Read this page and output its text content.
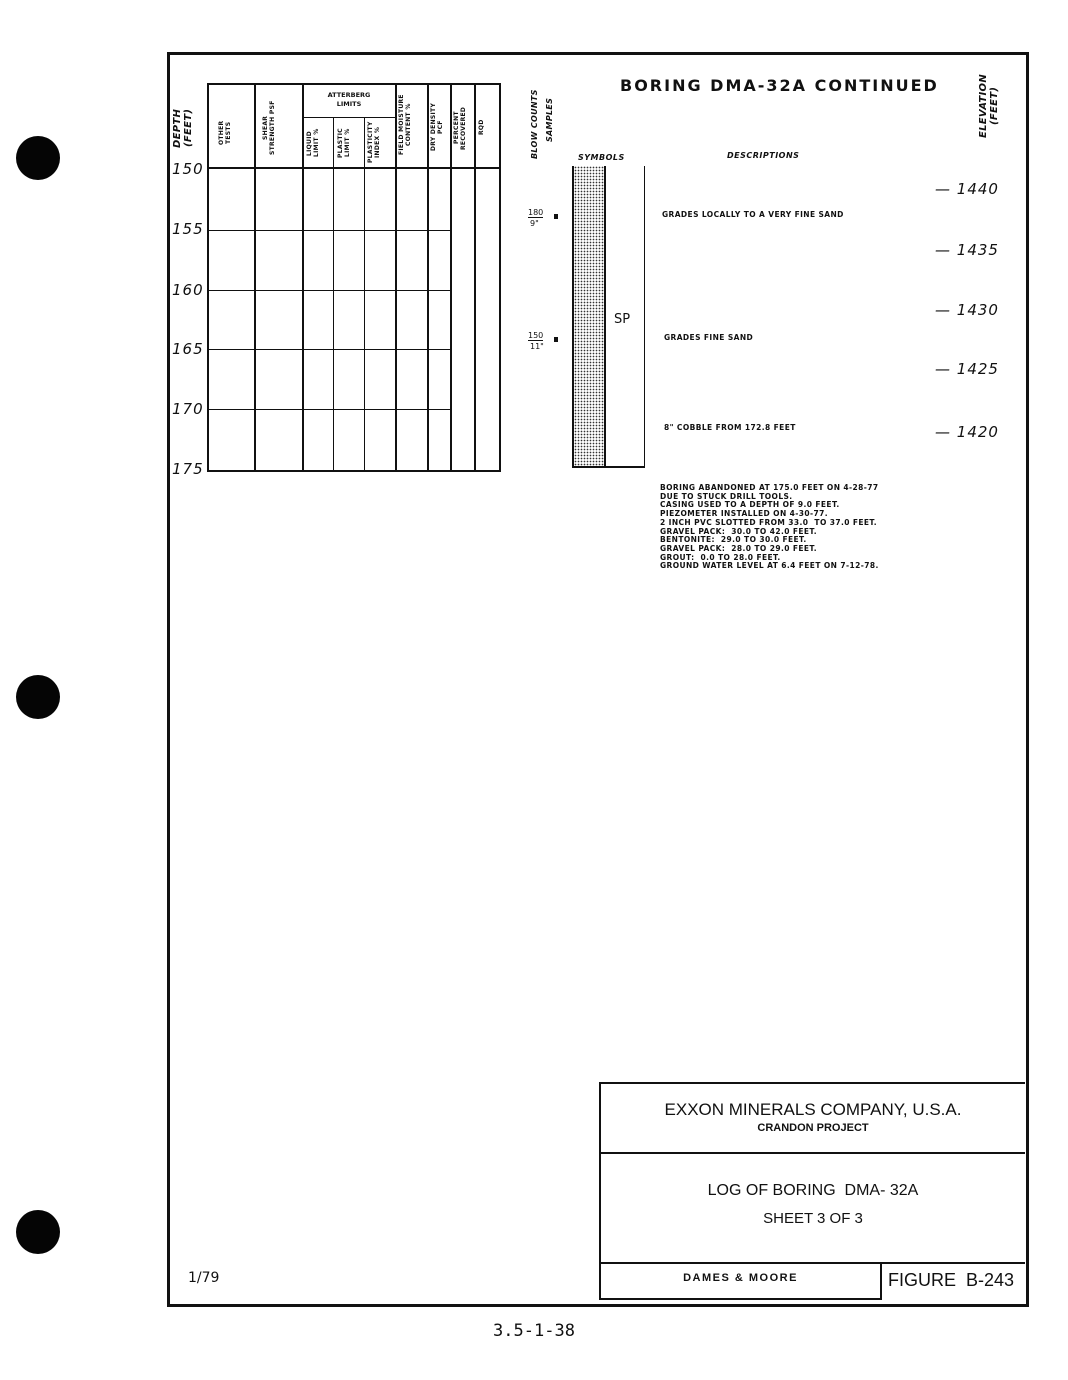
BORING DMA-32A CONTINUED	ELEVATION (FEET)
DEPTH (FEET)	OTHER TESTS	SHEAR STRENGTH PSF
ATTERBERG LIMITS
LIQUID LIMIT %	PLASTIC LIMIT %	PLASTICITY INDEX %	FIELD MOISTURE CONTENT %	DRY DENSITY PCF	PERCENT RECOVERED	RQD
150
155
160
165
170
175
BLOW COUNTS SAMPLES
180
9"
150
11"
SYMBOLS
SP
DESCRIPTIONS
GRADES LOCALLY TO A VERY FINE SAND
GRADES FINE SAND
8" COBBLE FROM 172.8 FEET
— 1440
— 1435
— 1430
— 1425
— 1420
BORING ABANDONED AT 175.0 FEET ON 4-28-77
DUE TO STUCK DRILL TOOLS.
CASING USED TO A DEPTH OF 9.0 FEET.
PIEZOMETER INSTALLED ON 4-30-77.
2 INCH PVC SLOTTED FROM 33.0  TO 37.0 FEET.
GRAVEL PACK:  30.0 TO 42.0 FEET.
BENTONITE:  29.0 TO 30.0 FEET.
GRAVEL PACK:  28.0 TO 29.0 FEET.
GROUT:  0.0 TO 28.0 FEET.
GROUND WATER LEVEL AT 6.4 FEET ON 7-12-78.
EXXON MINERALS COMPANY, U.S.A.
CRANDON PROJECT
LOG OF BORING  DMA- 32A
SHEET 3 OF 3
DAMES & MOORE	FIGURE  B-243
1/79
3.5-1-38
